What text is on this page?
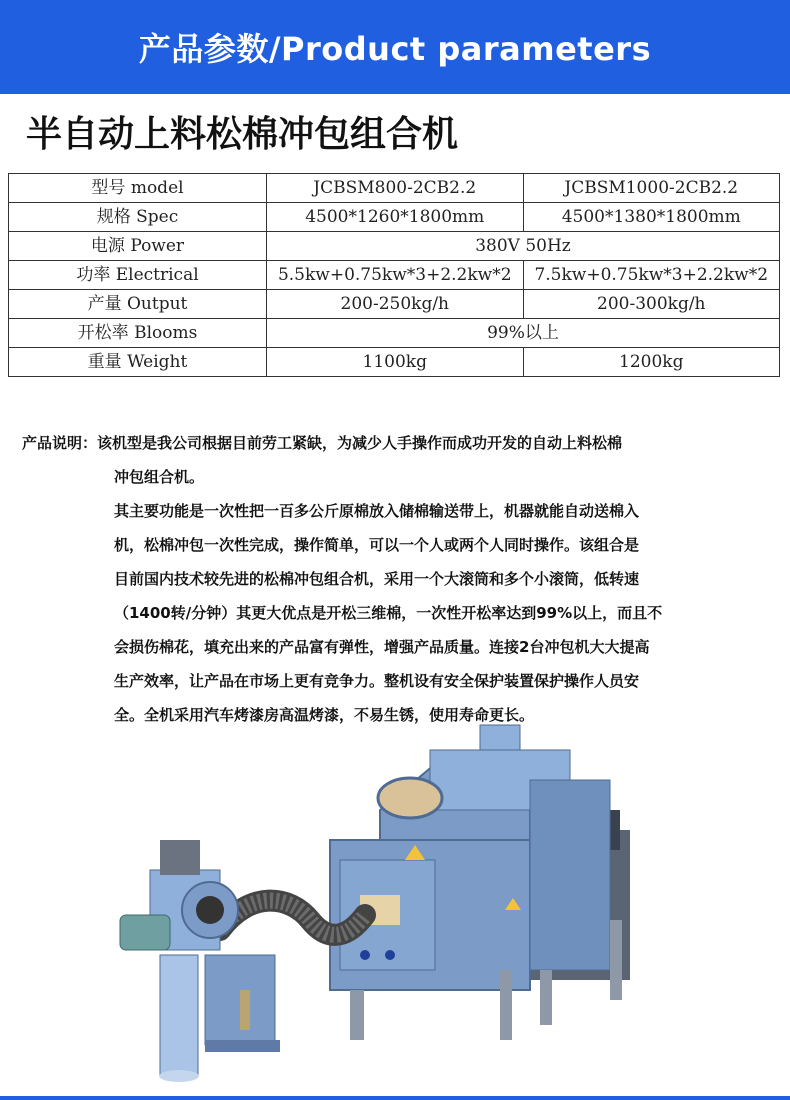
产品参数/Product parameters
半自动上料松棉冲包组合机
型号 model	JCBSM800-2CB2.2	JCBSM1000-2CB2.2
规格 Spec	4500*1260*1800mm	4500*1380*1800mm
电源 Power	380V 50Hz	
功率 Electrical	5.5kw+0.75kw*3+2.2kw*2	7.5kw+0.75kw*3+2.2kw*2
产量 Output	200-250kg/h	200-300kg/h
开松率 Blooms	99%以上	
重量 Weight	1100kg	1200kg
产品说明： 该机型是我公司根据目前劳工紧缺，为减少人手操作而成功开发的自动上料松棉
冲包组合机。
其主要功能是一次性把一百多公斤原棉放入储棉输送带上，机器就能自动送棉入
机，松棉冲包一次性完成，操作简单，可以一个人或两个人同时操作。该组合是
目前国内技术较先进的松棉冲包组合机，采用一个大滚筒和多个小滚筒，低转速
（1400转/分钟）其更大优点是开松三维棉，一次性开松率达到99%以上，而且不
会损伤棉花，填充出来的产品富有弹性，增强产品质量。连接2台冲包机大大提高
生产效率，让产品在市场上更有竞争力。整机设有安全保护装置保护操作人员安
全。全机采用汽车烤漆房高温烤漆，不易生锈，使用寿命更长。
